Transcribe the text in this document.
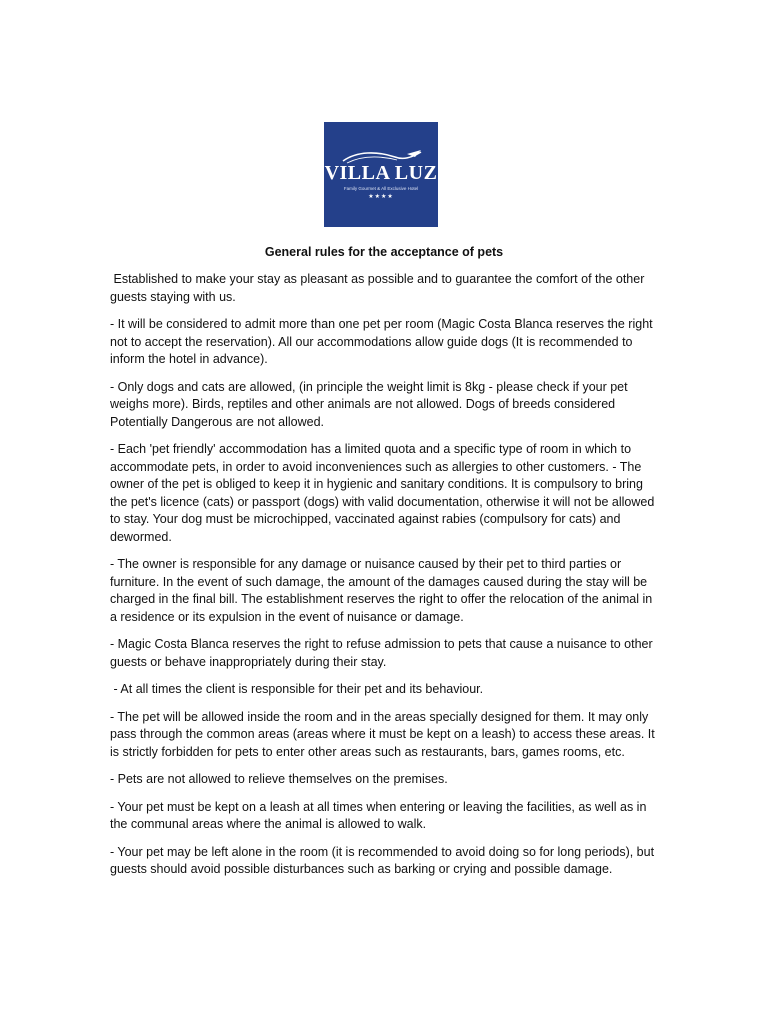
VILLA LUZ
Family Gourmet & All Exclusive Hotel
★★★★
General rules for the acceptance of pets

Established to make your stay as pleasant as possible and to guarantee the comfort of the other guests staying with us.

- It will be considered to admit more than one pet per room (Magic Costa Blanca reserves the right not to accept the reservation). All our accommodations allow guide dogs (It is recommended to inform the hotel in advance).

- Only dogs and cats are allowed, (in principle the weight limit is 8kg - please check if your pet weighs more). Birds, reptiles and other animals are not allowed. Dogs of breeds considered Potentially Dangerous are not allowed.

- Each 'pet friendly' accommodation has a limited quota and a specific type of room in which to accommodate pets, in order to avoid inconveniences such as allergies to other customers. - The owner of the pet is obliged to keep it in hygienic and sanitary conditions. It is compulsory to bring the pet's licence (cats) or passport (dogs) with valid documentation, otherwise it will not be allowed to stay. Your dog must be microchipped, vaccinated against rabies (compulsory for cats) and dewormed.

- The owner is responsible for any damage or nuisance caused by their pet to third parties or furniture. In the event of such damage, the amount of the damages caused during the stay will be charged in the final bill. The establishment reserves the right to offer the relocation of the animal in a residence or its expulsion in the event of nuisance or damage.

- Magic Costa Blanca reserves the right to refuse admission to pets that cause a nuisance to other guests or behave inappropriately during their stay.

- At all times the client is responsible for their pet and its behaviour.

- The pet will be allowed inside the room and in the areas specially designed for them. It may only pass through the common areas (areas where it must be kept on a leash) to access these areas. It is strictly forbidden for pets to enter other areas such as restaurants, bars, games rooms, etc.

- Pets are not allowed to relieve themselves on the premises.

- Your pet must be kept on a leash at all times when entering or leaving the facilities, as well as in the communal areas where the animal is allowed to walk.

- Your pet may be left alone in the room (it is recommended to avoid doing so for long periods), but guests should avoid possible disturbances such as barking or crying and possible damage.
